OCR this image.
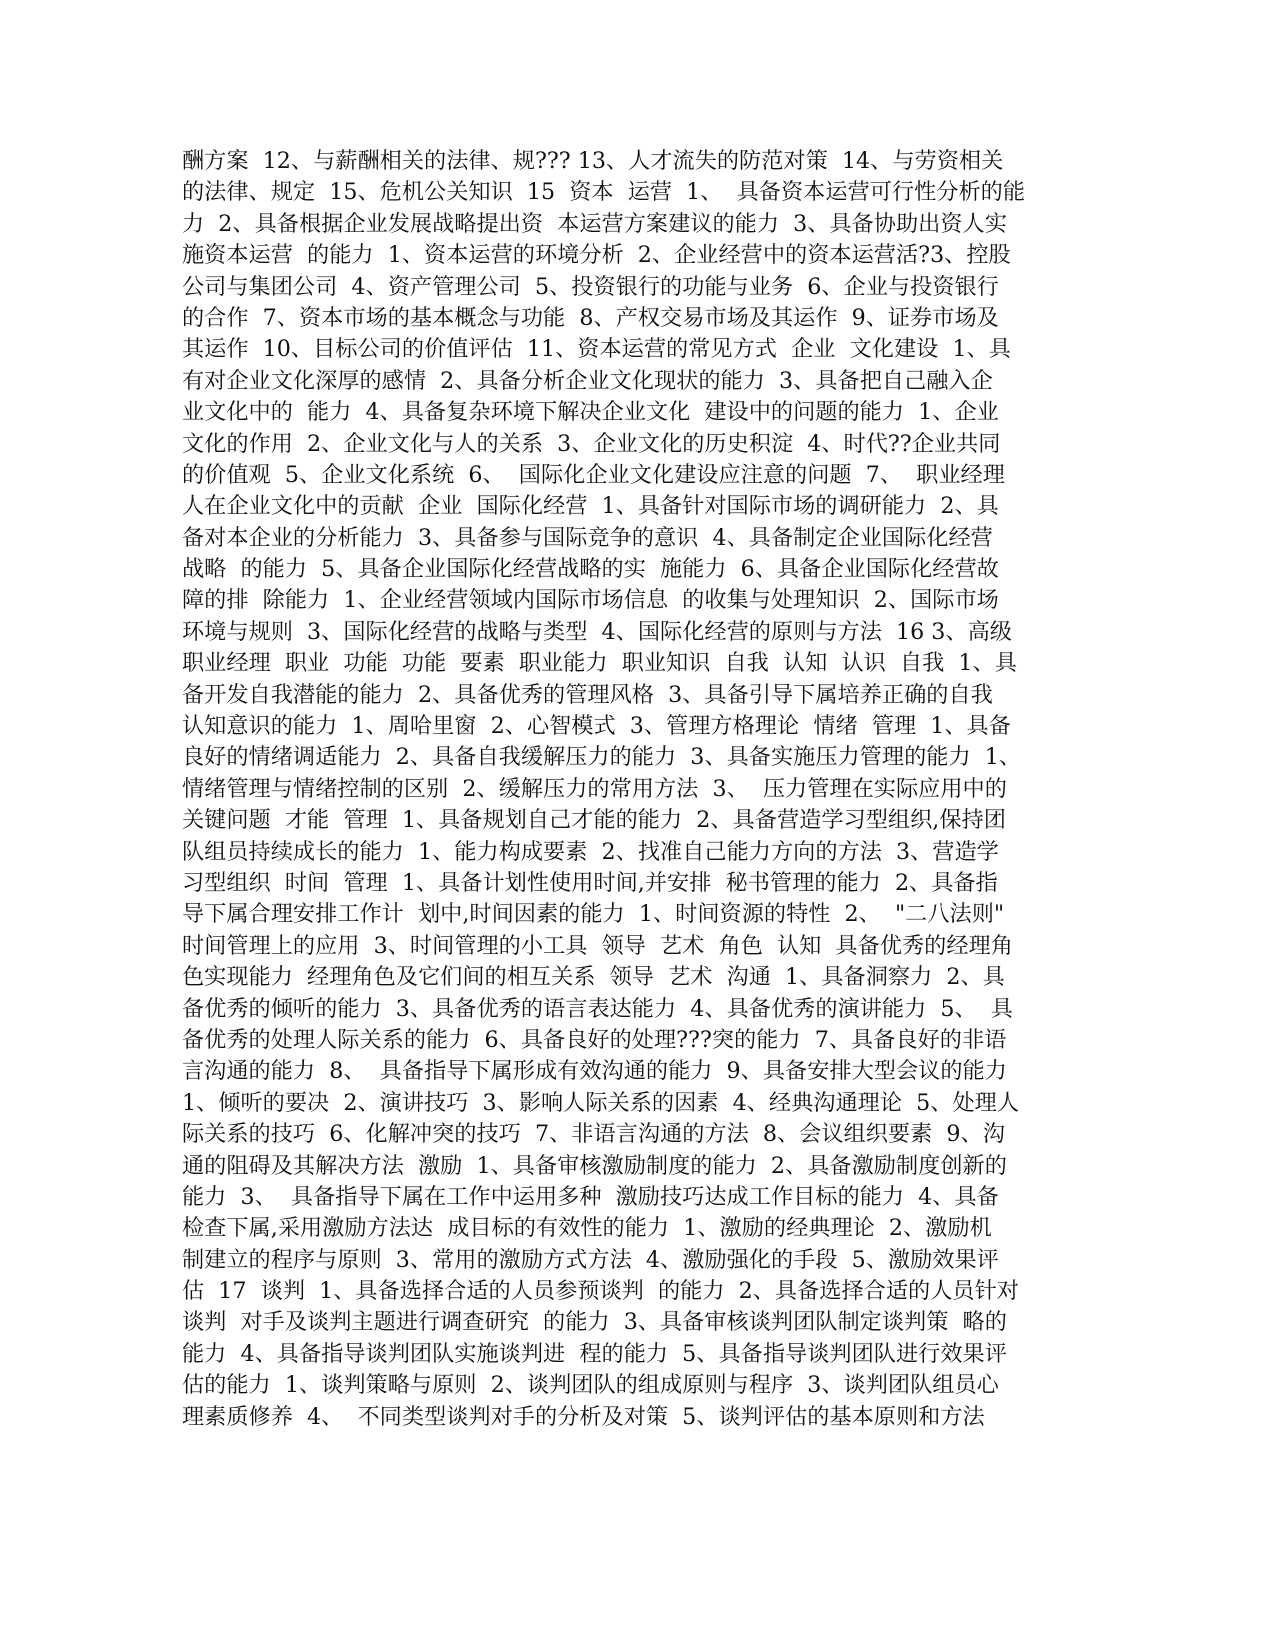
酬方案  12、与薪酬相关的法律、规??? 13、人才流失的防范对策  14、与劳资相关
的法律、规定  15、危机公关知识  15  资本  运营  1、  具备资本运营可行性分析的能
力  2、具备根据企业发展战略提出资  本运营方案建议的能力  3、具备协助出资人实
施资本运营  的能力  1、资本运营的环境分析  2、企业经营中的资本运营活?3、控股
公司与集团公司  4、资产管理公司  5、投资银行的功能与业务  6、企业与投资银行
的合作  7、资本市场的基本概念与功能  8、产权交易市场及其运作  9、证券市场及
其运作  10、目标公司的价值评估  11、资本运营的常见方式  企业  文化建设  1、具
有对企业文化深厚的感情  2、具备分析企业文化现状的能力  3、具备把自己融入企
业文化中的  能力  4、具备复杂环境下解决企业文化  建设中的问题的能力  1、企业
文化的作用  2、企业文化与人的关系  3、企业文化的历史积淀  4、时代??企业共同
的价值观  5、企业文化系统  6、  国际化企业文化建设应注意的问题  7、  职业经理
人在企业文化中的贡献  企业  国际化经营  1、具备针对国际市场的调研能力  2、具
备对本企业的分析能力  3、具备参与国际竞争的意识  4、具备制定企业国际化经营
战略  的能力  5、具备企业国际化经营战略的实  施能力  6、具备企业国际化经营故
障的排  除能力  1、企业经营领域内国际市场信息  的收集与处理知识  2、国际市场
环境与规则  3、国际化经营的战略与类型  4、国际化经营的原则与方法  16 3、高级
职业经理  职业  功能  功能  要素  职业能力  职业知识  自我  认知  认识  自我  1、具
备开发自我潜能的能力  2、具备优秀的管理风格  3、具备引导下属培养正确的自我
认知意识的能力  1、周哈里窗  2、心智模式  3、管理方格理论  情绪  管理  1、具备
良好的情绪调适能力  2、具备自我缓解压力的能力  3、具备实施压力管理的能力  1、
情绪管理与情绪控制的区别  2、缓解压力的常用方法  3、  压力管理在实际应用中的
关键问题  才能  管理  1、具备规划自己才能的能力  2、具备营造学习型组织,保持团
队组员持续成长的能力  1、能力构成要素  2、找准自己能力方向的方法  3、营造学
习型组织  时间  管理  1、具备计划性使用时间,并安排  秘书管理的能力  2、具备指
导下属合理安排工作计  划中,时间因素的能力  1、时间资源的特性  2、  "二八法则"
时间管理上的应用  3、时间管理的小工具  领导  艺术  角色  认知  具备优秀的经理角
色实现能力  经理角色及它们间的相互关系  领导  艺术  沟通  1、具备洞察力  2、具
备优秀的倾听的能力  3、具备优秀的语言表达能力  4、具备优秀的演讲能力  5、  具
备优秀的处理人际关系的能力  6、具备良好的处理???突的能力  7、具备良好的非语
言沟通的能力  8、  具备指导下属形成有效沟通的能力  9、具备安排大型会议的能力
1、倾听的要决  2、演讲技巧  3、影响人际关系的因素  4、经典沟通理论  5、处理人
际关系的技巧  6、化解冲突的技巧  7、非语言沟通的方法  8、会议组织要素  9、沟
通的阻碍及其解决方法  激励  1、具备审核激励制度的能力  2、具备激励制度创新的
能力  3、  具备指导下属在工作中运用多种  激励技巧达成工作目标的能力  4、具备
检查下属,采用激励方法达  成目标的有效性的能力  1、激励的经典理论  2、激励机
制建立的程序与原则  3、常用的激励方式方法  4、激励强化的手段  5、激励效果评
估  17  谈判  1、具备选择合适的人员参预谈判  的能力  2、具备选择合适的人员针对
谈判  对手及谈判主题进行调查研究  的能力  3、具备审核谈判团队制定谈判策  略的
能力  4、具备指导谈判团队实施谈判进  程的能力  5、具备指导谈判团队进行效果评
估的能力  1、谈判策略与原则  2、谈判团队的组成原则与程序  3、谈判团队组员心
理素质修养  4、  不同类型谈判对手的分析及对策  5、谈判评估的基本原则和方法
